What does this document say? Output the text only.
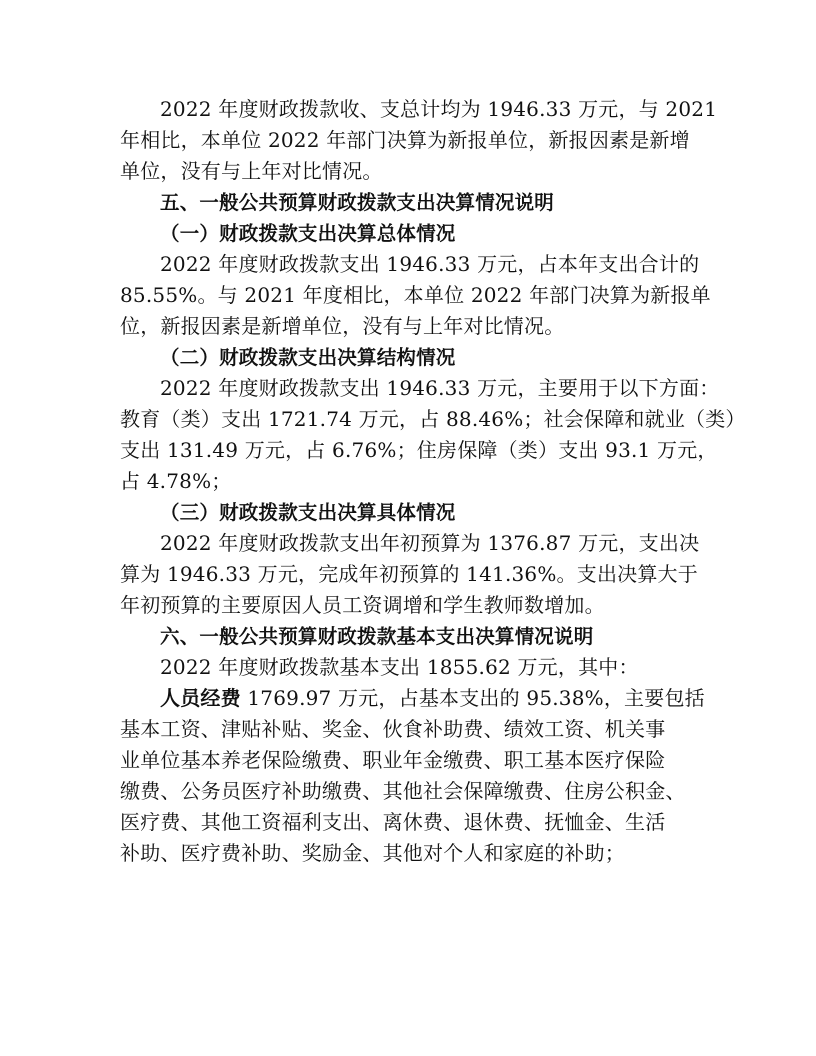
2022 年度财政拨款收、支总计均为 1946.33 万元，与 2021
年相比，本单位 2022 年部门决算为新报单位，新报因素是新增
单位，没有与上年对比情况。
五、一般公共预算财政拨款支出决算情况说明
（一）财政拨款支出决算总体情况
2022 年度财政拨款支出 1946.33 万元，占本年支出合计的
85.55%。与 2021 年度相比，本单位 2022 年部门决算为新报单
位，新报因素是新增单位，没有与上年对比情况。
（二）财政拨款支出决算结构情况
2022 年度财政拨款支出 1946.33 万元，主要用于以下方面：
教育（类）支出 1721.74 万元，占 88.46%；社会保障和就业（类）
支出 131.49 万元，占 6.76%；住房保障（类）支出 93.1 万元，
占 4.78%；
（三）财政拨款支出决算具体情况
2022 年度财政拨款支出年初预算为 1376.87 万元，支出决
算为 1946.33 万元，完成年初预算的 141.36%。支出决算大于
年初预算的主要原因人员工资调增和学生教师数增加。
六、一般公共预算财政拨款基本支出决算情况说明
2022 年度财政拨款基本支出 1855.62 万元，其中：
人员经费 1769.97 万元，占基本支出的 95.38%，主要包括
基本工资、津贴补贴、奖金、伙食补助费、绩效工资、机关事
业单位基本养老保险缴费、职业年金缴费、职工基本医疗保险
缴费、公务员医疗补助缴费、其他社会保障缴费、住房公积金、
医疗费、其他工资福利支出、离休费、退休费、抚恤金、生活
补助、医疗费补助、奖励金、其他对个人和家庭的补助；
